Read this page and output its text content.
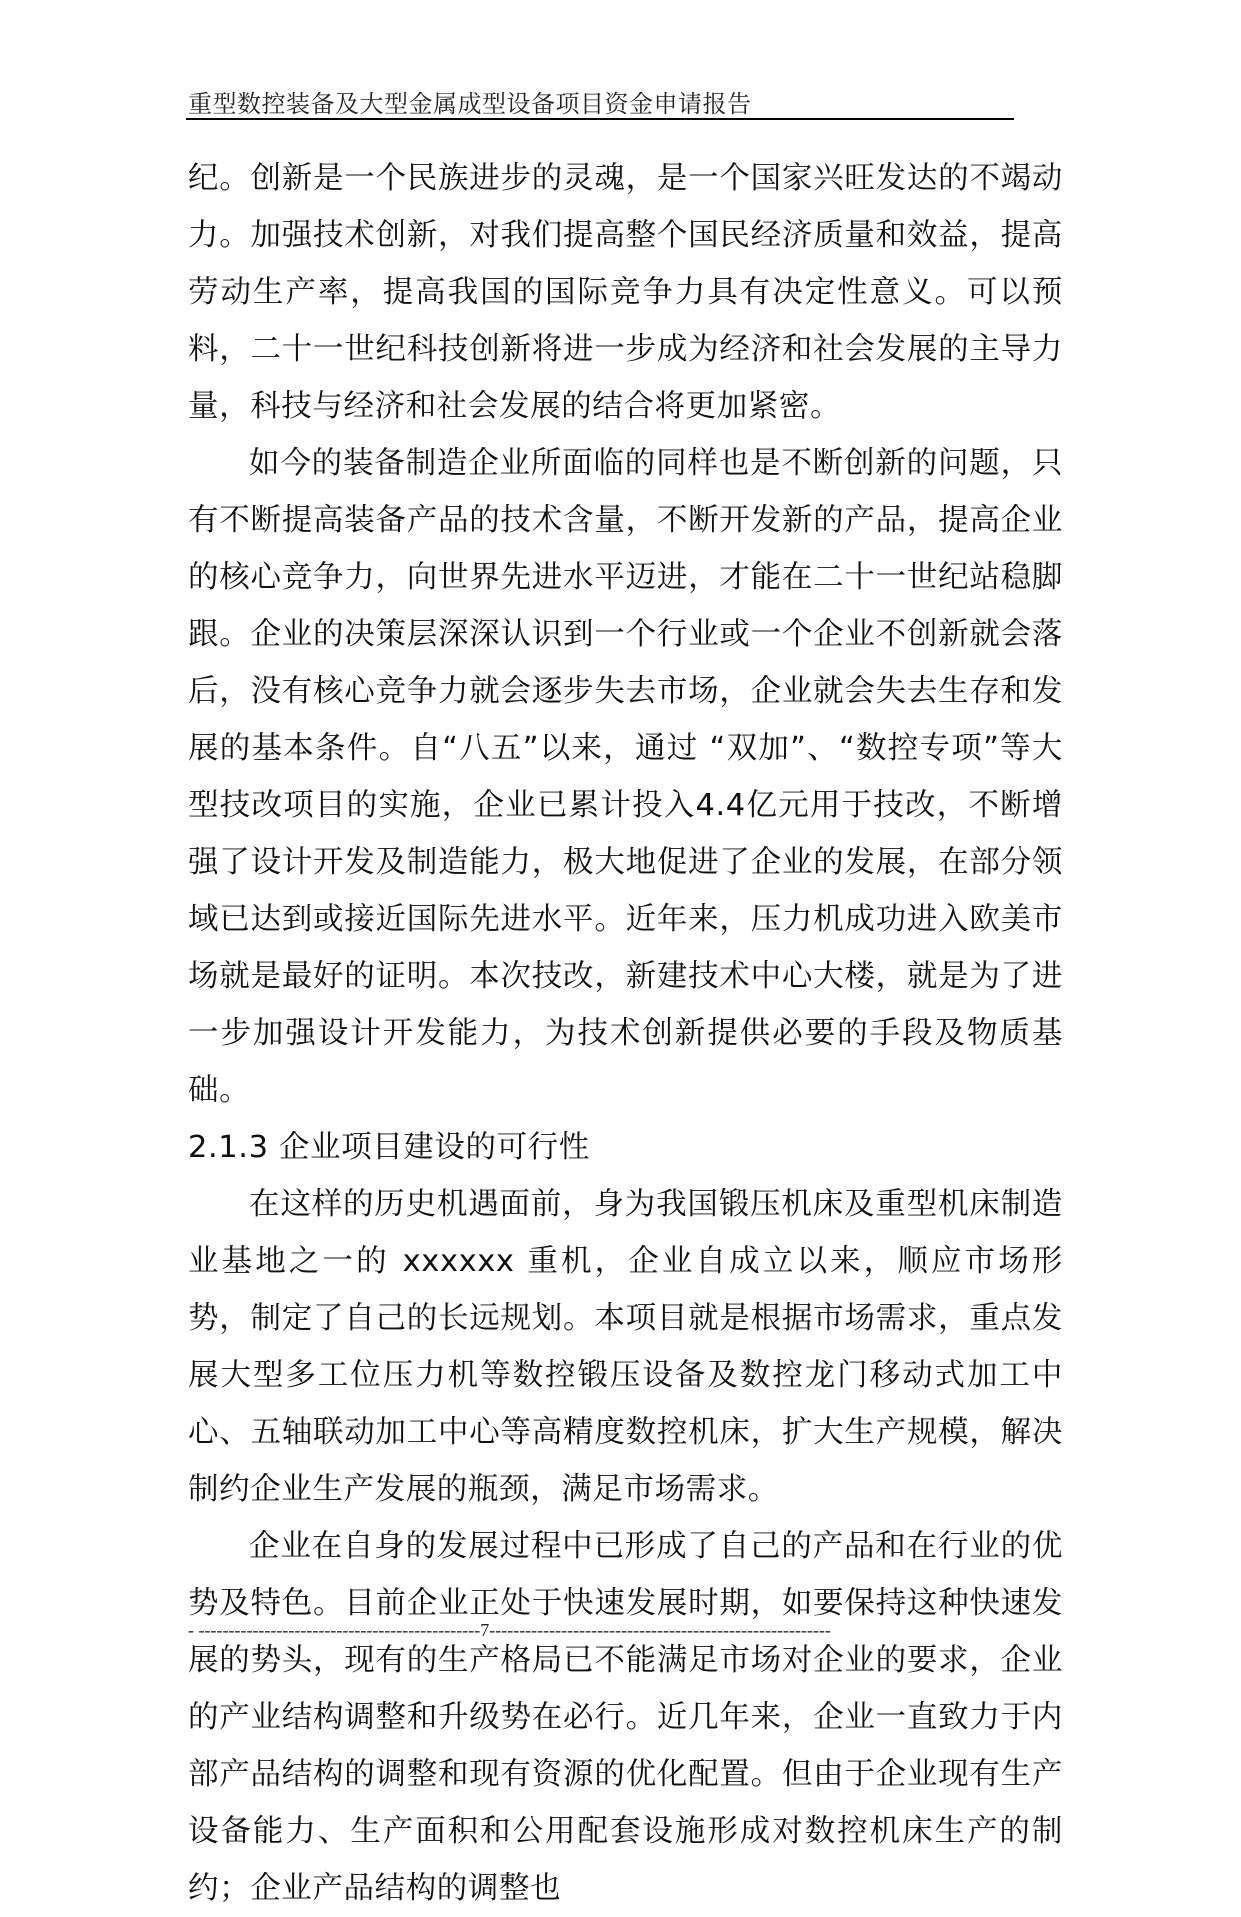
重型数控装备及大型金属成型设备项目资金申请报告

纪。创新是一个民族进步的灵魂，是一个国家兴旺发达的不竭动力。加强技术创新，对我们提高整个国民经济质量和效益，提高劳动生产率，提高我国的国际竞争力具有决定性意义。可以预料，二十一世纪科技创新将进一步成为经济和社会发展的主导力量，科技与经济和社会发展的结合将更加紧密。

如今的装备制造企业所面临的同样也是不断创新的问题，只有不断提高装备产品的技术含量，不断开发新的产品，提高企业的核心竞争力，向世界先进水平迈进，才能在二十一世纪站稳脚跟。企业的决策层深深认识到一个行业或一个企业不创新就会落后，没有核心竞争力就会逐步失去市场，企业就会失去生存和发展的基本条件。自“八五”以来，通过 “双加”、“数控专项”等大型技改项目的实施，企业已累计投入4.4亿元用于技改，不断增强了设计开发及制造能力，极大地促进了企业的发展，在部分领域已达到或接近国际先进水平。近年来，压力机成功进入欧美市场就是最好的证明。本次技改，新建技术中心大楼，就是为了进一步加强设计开发能力，为技术创新提供必要的手段及物质基础。

2.1.3 企业项目建设的可行性

在这样的历史机遇面前，身为我国锻压机床及重型机床制造业基地之一的 xxxxxx 重机，企业自成立以来，顺应市场形势，制定了自己的长远规划。本项目就是根据市场需求，重点发展大型多工位压力机等数控锻压设备及数控龙门移动式加工中心、五轴联动加工中心等高精度数控机床，扩大生产规模，解决制约企业生产发展的瓶颈，满足市场需求。

企业在自身的发展过程中已形成了自己的产品和在行业的优势及特色。目前企业正处于快速发展时期，如要保持这种快速发展的势头，现有的生产格局已不能满足市场对企业的要求，企业的产业结构调整和升级势在必行。近几年来，企业一直致力于内部产品结构的调整和现有资源的优化配置。但由于企业现有生产设备能力、生产面积和公用配套设施形成对数控机床生产的制约；企业产品结构的调整也

- -----------------------------------------------7---------------------------------------------------------
